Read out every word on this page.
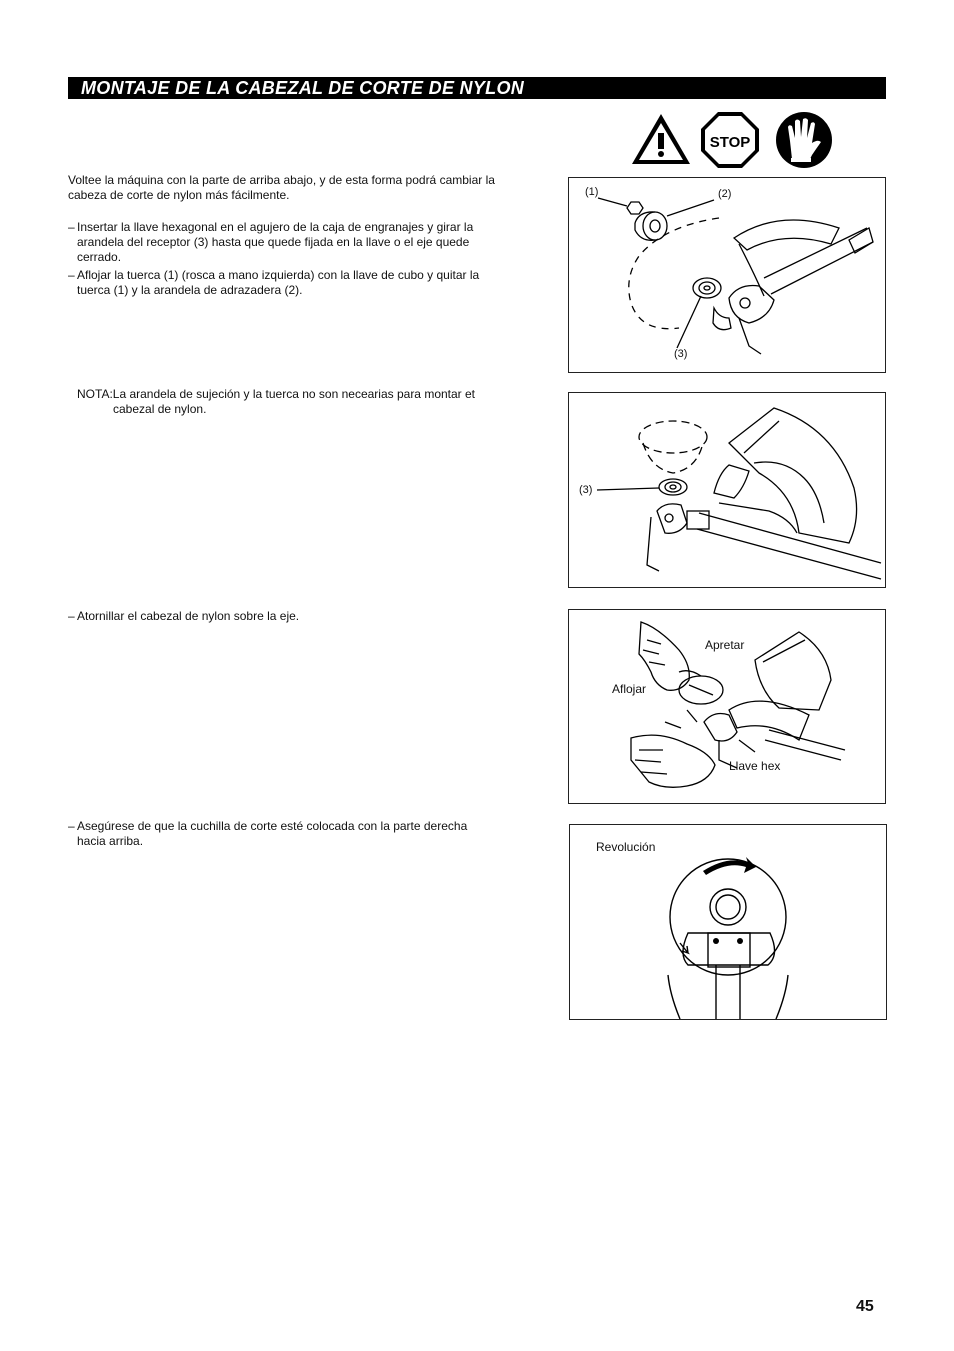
MONTAJE DE LA CABEZAL DE CORTE DE NYLON
STOP
Voltee la máquina con la parte de arriba abajo, y de esta forma podrá cambiar la
cabeza de corte de nylon más fácilmente.
– Insertar la llave hexagonal en el agujero de la caja de engranajes y girar la
arandela del receptor (3) hasta que quede fijada en la llave o el eje quede
cerrado.
– Aflojar la tuerca (1) (rosca a mano izquierda) con la llave de cubo y quitar la
tuerca (1) y la arandela de adrazadera (2).
NOTA:La arandela de sujeción y la tuerca no son necearias para montar et
cabezal de nylon.
– Atornillar el cabezal de nylon sobre la eje.
– Asegúrese de que la cuchilla de corte esté colocada con la parte derecha
hacia arriba.
(1)	(2)
(3)
(3)
Apretar
Aflojar
Llave hex
Revolución
45
